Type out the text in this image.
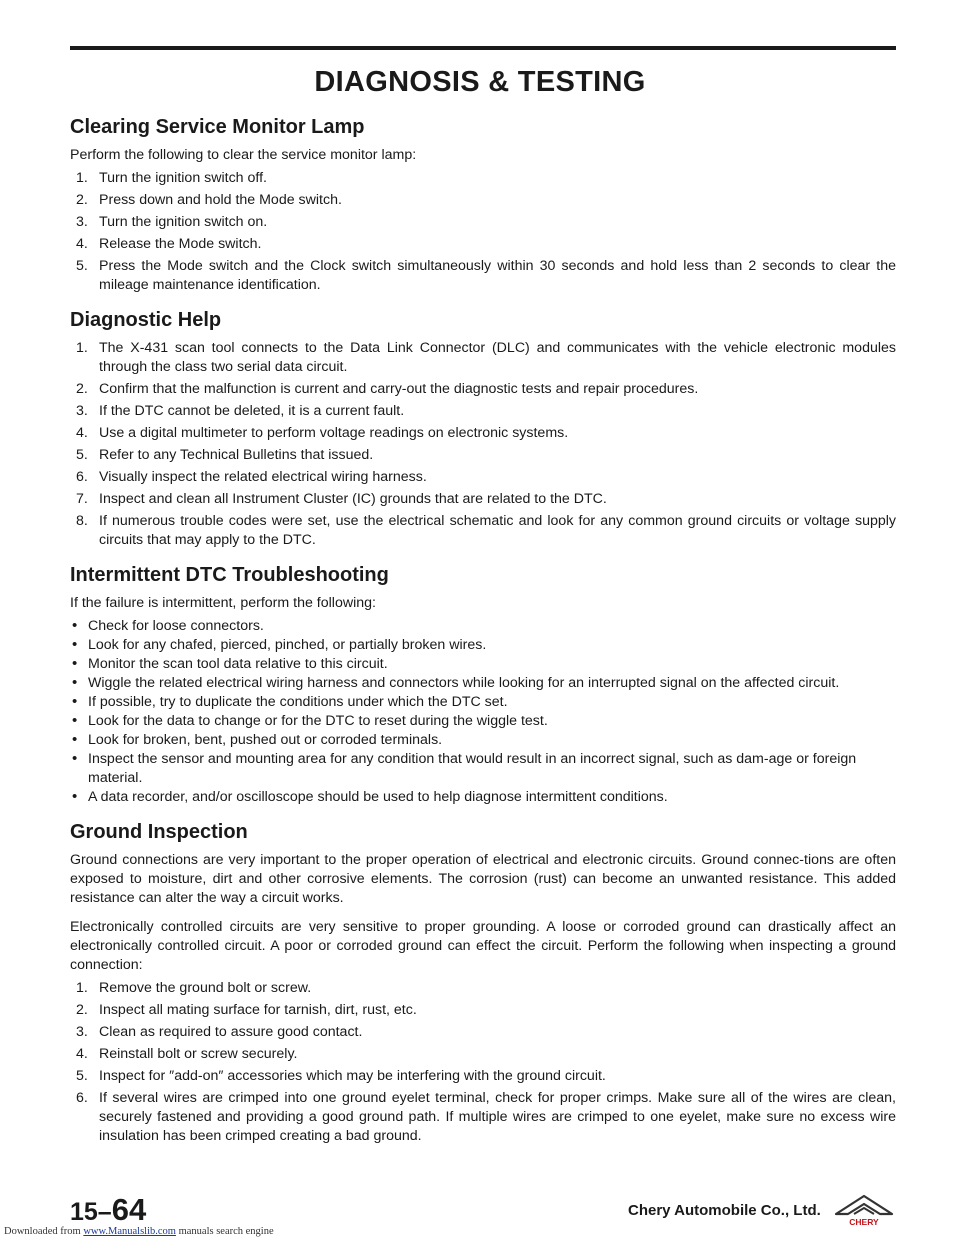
DIAGNOSIS & TESTING
Clearing Service Monitor Lamp

Perform the following to clear the service monitor lamp:

1. Turn the ignition switch off.
2. Press down and hold the Mode switch.
3. Turn the ignition switch on.
4. Release the Mode switch.
5. Press the Mode switch and the Clock switch simultaneously within 30 seconds and hold less than 2 seconds to clear the mileage maintenance identification.
Diagnostic Help
1. The X-431 scan tool connects to the Data Link Connector (DLC) and communicates with the vehicle electronic modules through the class two serial data circuit.
2. Confirm that the malfunction is current and carry-out the diagnostic tests and repair procedures.
3. If the DTC cannot be deleted, it is a current fault.
4. Use a digital multimeter to perform voltage readings on electronic systems.
5. Refer to any Technical Bulletins that issued.
6. Visually inspect the related electrical wiring harness.
7. Inspect and clean all Instrument Cluster (IC) grounds that are related to the DTC.
8. If numerous trouble codes were set, use the electrical schematic and look for any common ground circuits or voltage supply circuits that may apply to the DTC.
Intermittent DTC Troubleshooting

If the failure is intermittent, perform the following:

• Check for loose connectors.
• Look for any chafed, pierced, pinched, or partially broken wires.
• Monitor the scan tool data relative to this circuit.
• Wiggle the related electrical wiring harness and connectors while looking for an interrupted signal on the affected circuit.
• If possible, try to duplicate the conditions under which the DTC set.
• Look for the data to change or for the DTC to reset during the wiggle test.
• Look for broken, bent, pushed out or corroded terminals.
• Inspect the sensor and mounting area for any condition that would result in an incorrect signal, such as dam-age or foreign material.
• A data recorder, and/or oscilloscope should be used to help diagnose intermittent conditions.
Ground Inspection

Ground connections are very important to the proper operation of electrical and electronic circuits. Ground connec-tions are often exposed to moisture, dirt and other corrosive elements. The corrosion (rust) can become an unwanted resistance. This added resistance can alter the way a circuit works.

Electronically controlled circuits are very sensitive to proper grounding. A loose or corroded ground can drastically affect an electronically controlled circuit. A poor or corroded ground can effect the circuit. Perform the following when inspecting a ground connection:

1. Remove the ground bolt or screw.
2. Inspect all mating surface for tarnish, dirt, rust, etc.
3. Clean as required to assure good contact.
4. Reinstall bolt or screw securely.
5. Inspect for ″add-on″ accessories which may be interfering with the ground circuit.
6. If several wires are crimped into one ground eyelet terminal, check for proper crimps. Make sure all of the wires are clean, securely fastened and providing a good ground path. If multiple wires are crimped to one eyelet, make sure no excess wire insulation has been crimped creating a bad ground.
15–64	Chery Automobile Co., Ltd.
CHERY
Downloaded from www.Manualslib.com manuals search engine
